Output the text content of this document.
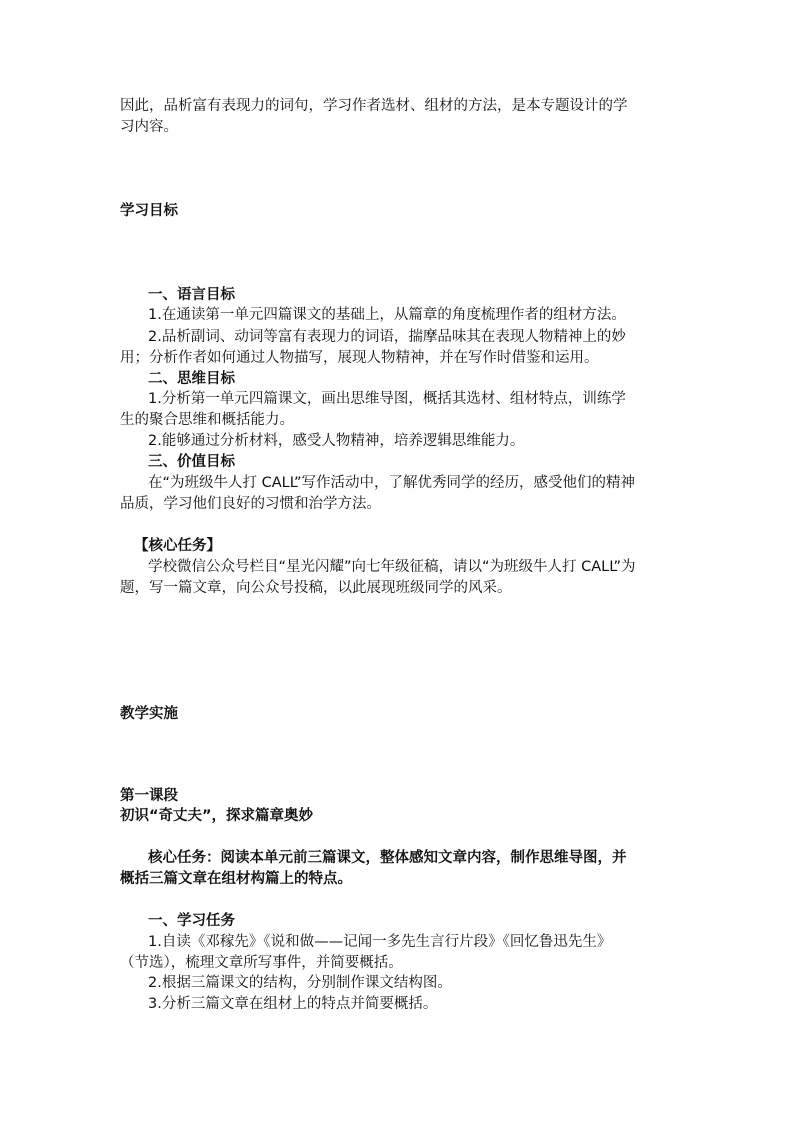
因此，品析富有表现力的词句，学习作者选材、组材的方法，是本专题设计的学
习内容。
学习目标
一、语言目标
1.在通读第一单元四篇课文的基础上，从篇章的角度梳理作者的组材方法。
2.品析副词、动词等富有表现力的词语，揣摩品味其在表现人物精神上的妙
用；分析作者如何通过人物描写，展现人物精神，并在写作时借鉴和运用。
二、思维目标
1.分析第一单元四篇课文，画出思维导图，概括其选材、组材特点，训练学
生的聚合思维和概括能力。
2.能够通过分析材料，感受人物精神，培养逻辑思维能力。
三、价值目标
在“为班级牛人打 CALL”写作活动中，了解优秀同学的经历，感受他们的精神
品质，学习他们良好的习惯和治学方法。
【核心任务】
学校微信公众号栏目“星光闪耀”向七年级征稿，请以“为班级牛人打 CALL”为
题，写一篇文章，向公众号投稿，以此展现班级同学的风采。
教学实施
第一课段
初识“奇丈夫”，探求篇章奥妙
核心任务：阅读本单元前三篇课文，整体感知文章内容，制作思维导图，并
概括三篇文章在组材构篇上的特点。
一、学习任务
1.自读《邓稼先》《说和做——记闻一多先生言行片段》《回忆鲁迅先生》
（节选），梳理文章所写事件，并简要概括。
2.根据三篇课文的结构，分别制作课文结构图。
3.分析三篇文章在组材上的特点并简要概括。
